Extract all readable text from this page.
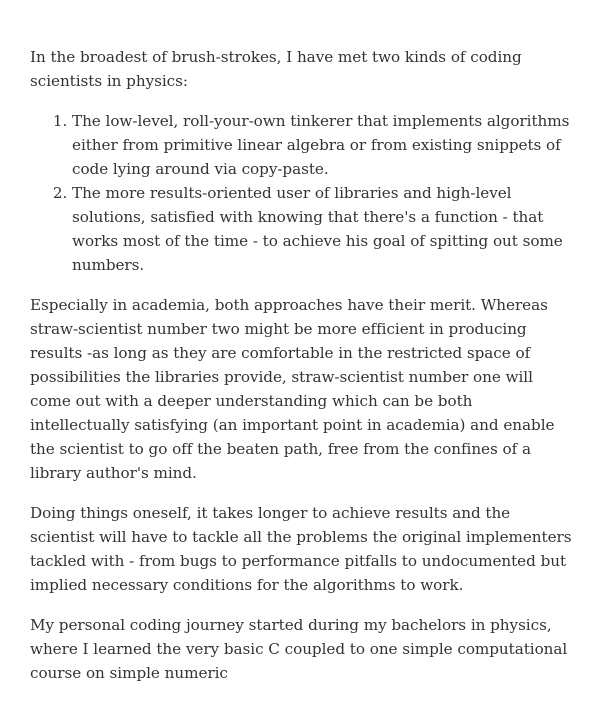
In the broadest of brush-strokes, I have met two kinds of coding scientists in physics:

1. The low-level, roll-your-own tinkerer that implements algorithms either from primitive linear algebra or from existing snippets of code lying around via copy-paste.
2. The more results-oriented user of libraries and high-level solutions, satisfied with knowing that there's a function - that works most of the time - to achieve his goal of spitting out some numbers.

Especially in academia, both approaches have their merit. Whereas straw-scientist number two might be more efficient in producing results -as long as they are comfortable in the restricted space of possibilities the libraries provide, straw-scientist number one will come out with a deeper understanding which can be both intellectually satisfying (an important point in academia) and enable the scientist to go off the beaten path, free from the confines of a library author's mind.

Doing things oneself, it takes longer to achieve results and the scientist will have to tackle all the problems the original implementers tackled with - from bugs to performance pitfalls to undocumented but implied necessary conditions for the algorithms to work.

My personal coding journey started during my bachelors in physics, where I learned the very basic C coupled to one simple computational course on simple numeric
